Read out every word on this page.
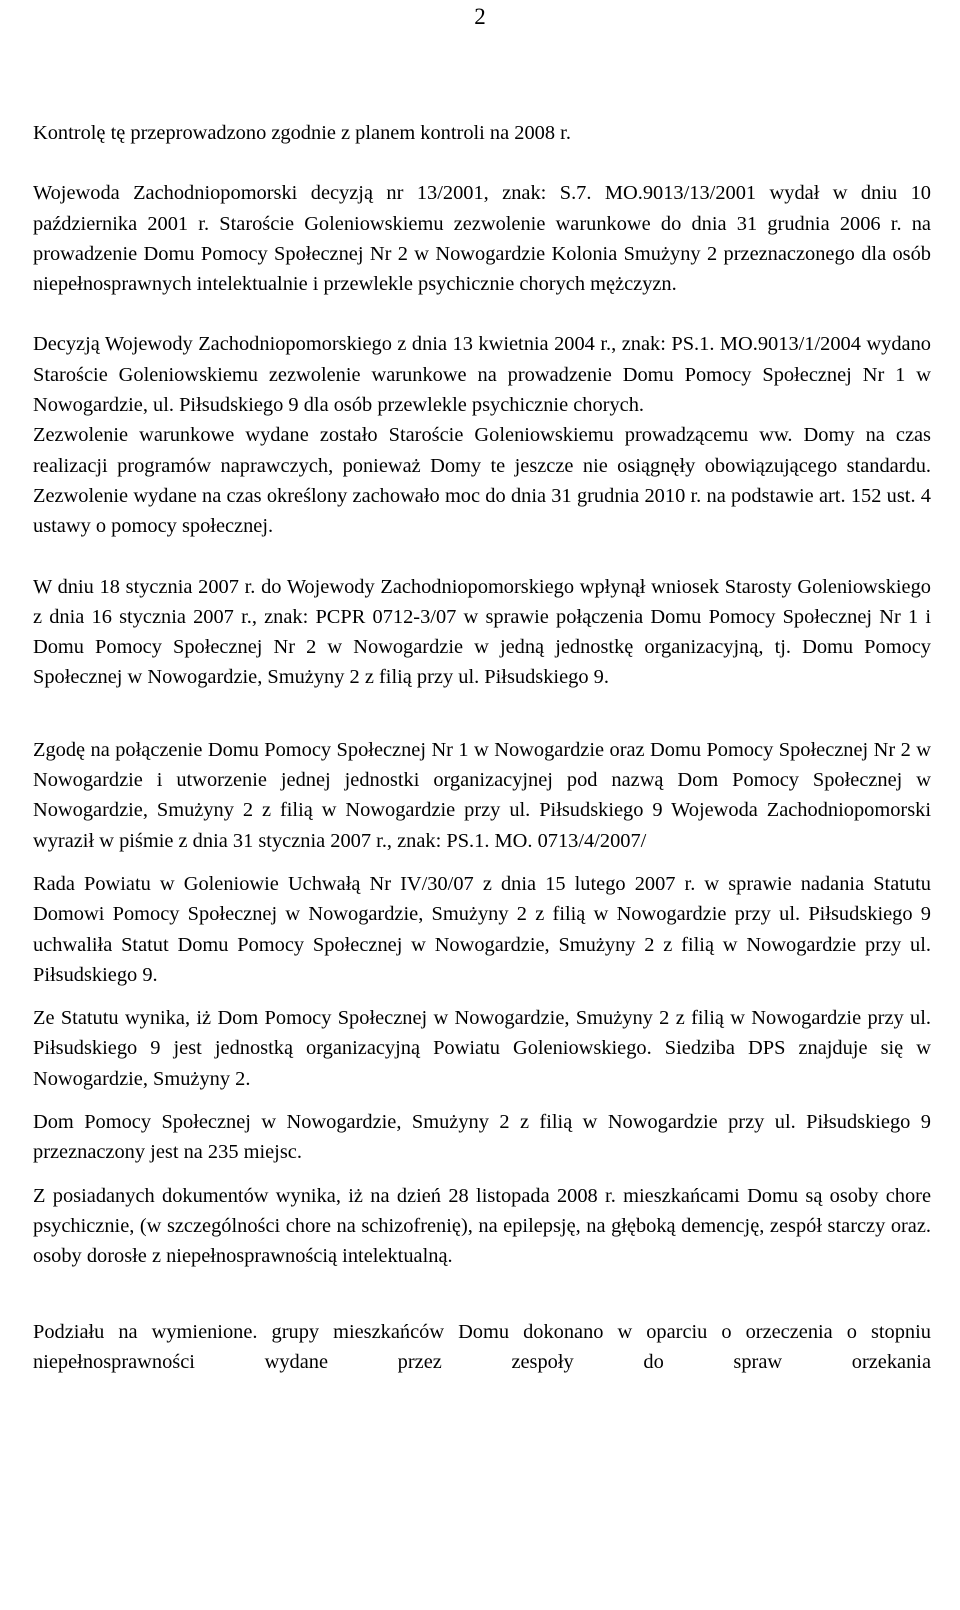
2

Kontrolę tę przeprowadzono zgodnie z planem kontroli na 2008 r.

Wojewoda Zachodniopomorski decyzją nr 13/2001, znak: S.7. MO.9013/13/2001 wydał w dniu 10 października 2001 r. Staroście Goleniowskiemu zezwolenie warunkowe do dnia 31 grudnia 2006 r. na prowadzenie Domu Pomocy Społecznej Nr 2 w Nowogardzie Kolonia Smużyny 2 przeznaczonego dla osób niepełnosprawnych intelektualnie i przewlekle psychicznie chorych mężczyzn.

Decyzją Wojewody Zachodniopomorskiego z dnia 13 kwietnia 2004 r., znak: PS.1. MO.9013/1/2004 wydano Staroście Goleniowskiemu zezwolenie warunkowe na prowadzenie Domu Pomocy Społecznej Nr 1 w Nowogardzie, ul. Piłsudskiego 9 dla osób przewlekle psychicznie chorych.

Zezwolenie warunkowe wydane zostało Staroście Goleniowskiemu prowadzącemu ww. Domy na czas realizacji programów naprawczych, ponieważ Domy te jeszcze nie osiągnęły obowiązującego standardu. Zezwolenie wydane na czas określony zachowało moc do dnia 31 grudnia 2010 r. na podstawie art. 152 ust. 4 ustawy o pomocy społecznej.

W dniu 18 stycznia 2007 r. do Wojewody Zachodniopomorskiego wpłynął wniosek Starosty Goleniowskiego z dnia 16 stycznia 2007 r., znak: PCPR 0712-3/07 w sprawie połączenia Domu Pomocy Społecznej Nr 1 i Domu Pomocy Społecznej Nr 2 w Nowogardzie w jedną jednostkę organizacyjną, tj. Domu Pomocy Społecznej w Nowogardzie, Smużyny 2 z filią przy ul. Piłsudskiego 9.

Zgodę na połączenie Domu Pomocy Społecznej Nr 1 w Nowogardzie oraz Domu Pomocy Społecznej Nr 2 w Nowogardzie i utworzenie jednej jednostki organizacyjnej pod nazwą Dom Pomocy Społecznej w Nowogardzie, Smużyny 2 z filią w Nowogardzie przy ul. Piłsudskiego 9 Wojewoda Zachodniopomorski wyraził w piśmie z dnia 31 stycznia 2007 r., znak: PS.1. MO. 0713/4/2007/

Rada Powiatu w Goleniowie Uchwałą Nr IV/30/07 z dnia 15 lutego 2007 r. w sprawie nadania Statutu Domowi Pomocy Społecznej w Nowogardzie, Smużyny 2 z filią w Nowogardzie przy ul. Piłsudskiego 9 uchwaliła Statut Domu Pomocy Społecznej w Nowogardzie, Smużyny 2 z filią w Nowogardzie przy ul. Piłsudskiego 9.

Ze Statutu wynika, iż Dom Pomocy Społecznej w Nowogardzie, Smużyny 2 z filią w Nowogardzie przy ul. Piłsudskiego 9 jest jednostką organizacyjną Powiatu Goleniowskiego. Siedziba DPS znajduje się w Nowogardzie, Smużyny 2.

Dom Pomocy Społecznej w Nowogardzie, Smużyny 2 z filią w Nowogardzie przy ul. Piłsudskiego 9 przeznaczony jest na 235 miejsc.

Z posiadanych dokumentów wynika, iż na dzień 28 listopada 2008 r. mieszkańcami Domu są osoby chore psychicznie, (w szczególności chore na schizofrenię), na epilepsję, na głęboką demencję, zespół starczy oraz. osoby dorosłe z niepełnosprawnością intelektualną.

Podziału na wymienione. grupy mieszkańców Domu dokonano w oparciu o orzeczenia o stopniu niepełnosprawności wydane przez zespoły do spraw orzekania
